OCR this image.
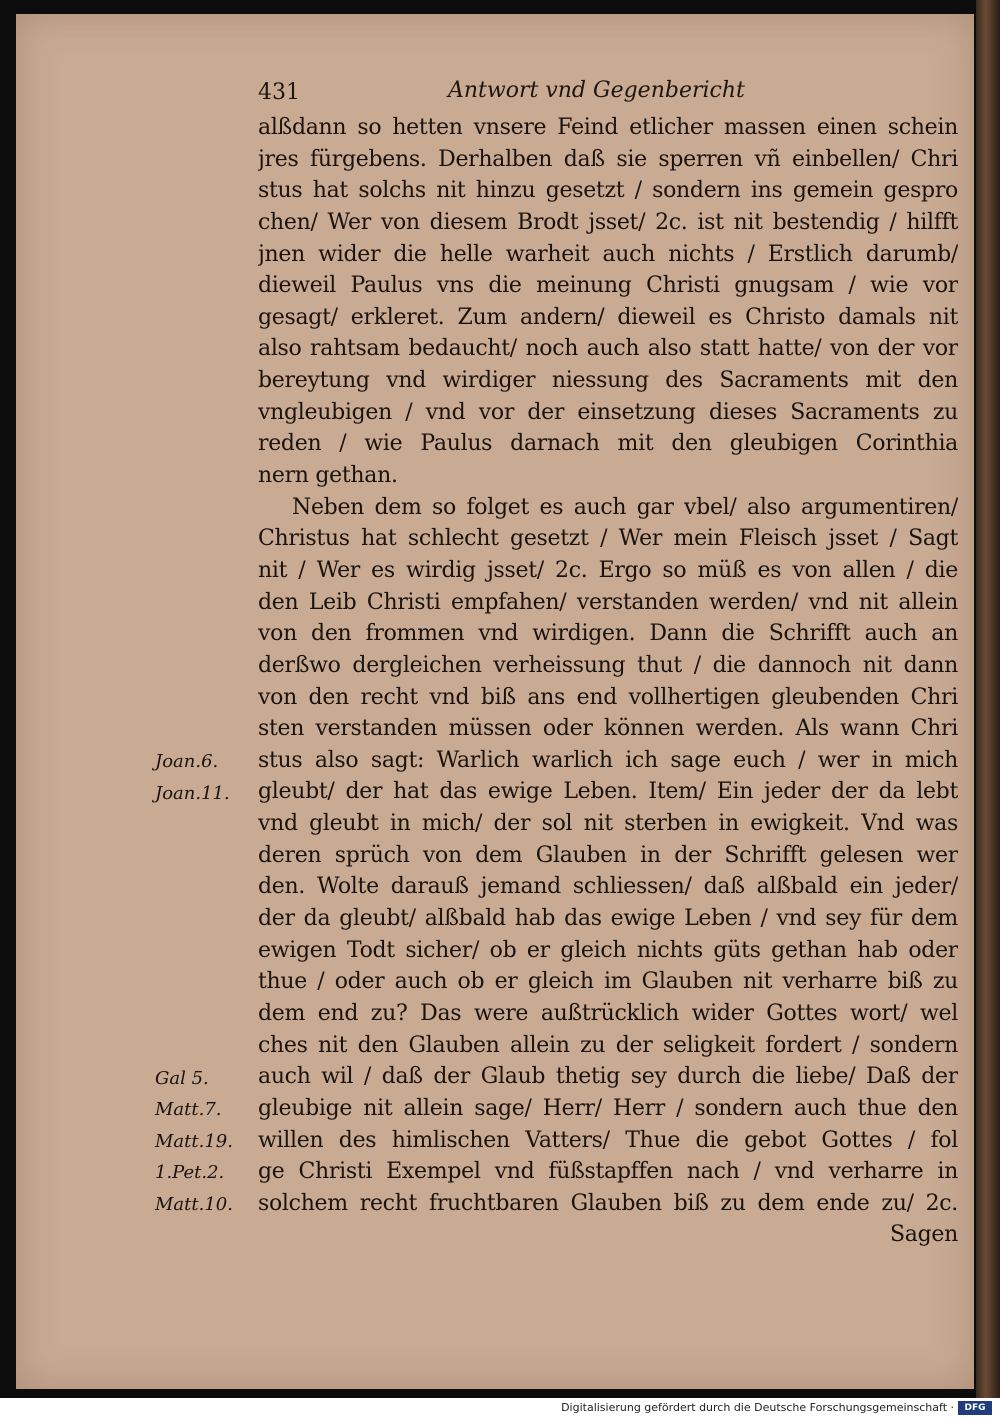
431	Antwort vnd Gegenbericht
alßdann so hetten vnsere Feind etlicher massen einen schein
jres fürgebens. Derhalben daß sie sperren vñ einbellen/ Chri
stus hat solchs nit hinzu gesetzt / sondern ins gemein gespro
chen/ Wer von diesem Brodt jsset/ 2c. ist nit bestendig / hilfft
jnen wider die helle warheit auch nichts / Erstlich darumb/
dieweil Paulus vns die meinung Christi gnugsam / wie vor
gesagt/ erkleret. Zum andern/ dieweil es Christo damals nit
also rahtsam bedaucht/ noch auch also statt hatte/ von der vor
bereytung vnd wirdiger niessung des Sacraments mit den
vngleubigen / vnd vor der einsetzung dieses Sacraments zu
reden / wie Paulus darnach mit den gleubigen Corinthia
nern gethan.
Neben dem so folget es auch gar vbel/ also argumentiren/
Christus hat schlecht gesetzt / Wer mein Fleisch jsset / Sagt
nit / Wer es wirdig jsset/ 2c. Ergo so müß es von allen / die
den Leib Christi empfahen/ verstanden werden/ vnd nit allein
von den frommen vnd wirdigen. Dann die Schrifft auch an
derßwo dergleichen verheissung thut / die dannoch nit dann
von den recht vnd biß ans end vollhertigen gleubenden Chri
sten verstanden müssen oder können werden. Als wann Chri
stus also sagt: Warlich warlich ich sage euch / wer in mich
gleubt/ der hat das ewige Leben. Item/ Ein jeder der da lebt
vnd gleubt in mich/ der sol nit sterben in ewigkeit. Vnd was
deren sprüch von dem Glauben in der Schrifft gelesen wer
den. Wolte darauß jemand schliessen/ daß alßbald ein jeder/
der da gleubt/ alßbald hab das ewige Leben / vnd sey für dem
ewigen Todt sicher/ ob er gleich nichts güts gethan hab oder
thue / oder auch ob er gleich im Glauben nit verharre biß zu
dem end zu? Das were außtrücklich wider Gottes wort/ wel
ches nit den Glauben allein zu der seligkeit fordert / sondern
auch wil / daß der Glaub thetig sey durch die liebe/ Daß der
gleubige nit allein sage/ Herr/ Herr / sondern auch thue den
willen des himlischen Vatters/ Thue die gebot Gottes / fol
ge Christi Exempel vnd füßstapffen nach / vnd verharre in
solchem recht fruchtbaren Glauben biß zu dem ende zu/ 2c.
Sagen
Joan.6.
Joan.11.
Gal 5.
Matt.7.
Matt.19.
1.Pet.2.
Matt.10.
Digitalisierung gefördert durch die Deutsche Forschungsgemeinschaft ·	DFG
